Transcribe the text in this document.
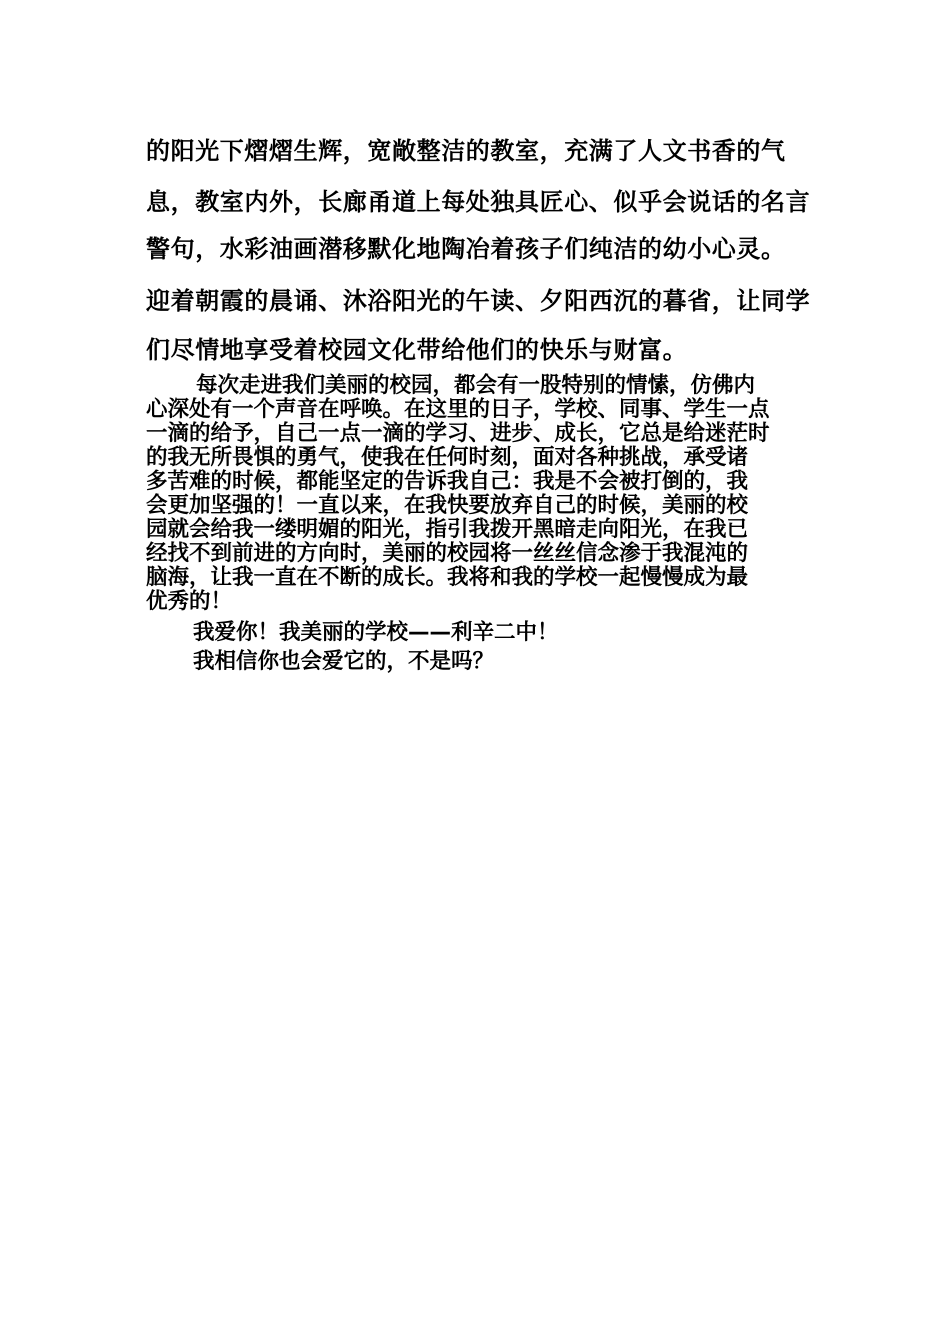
的阳光下熠熠生辉，宽敞整洁的教室，充满了人文书香的气

息，教室内外，长廊甬道上每处独具匠心、似乎会说话的名言

警句，水彩油画潜移默化地陶冶着孩子们纯洁的幼小心灵。

迎着朝霞的晨诵、沐浴阳光的午读、夕阳西沉的暮省，让同学

们尽情地享受着校园文化带给他们的快乐与财富。

每次走进我们美丽的校园，都会有一股特别的情愫，仿佛内

心深处有一个声音在呼唤。在这里的日子，学校、同事、学生一点

一滴的给予，自己一点一滴的学习、进步、成长，它总是给迷茫时

的我无所畏惧的勇气，使我在任何时刻，面对各种挑战，承受诸

多苦难的时候，都能坚定的告诉我自己：我是不会被打倒的，我

会更加坚强的！一直以来，在我快要放弃自己的时候，美丽的校

园就会给我一缕明媚的阳光，指引我拨开黑暗走向阳光，在我已

经找不到前进的方向时，美丽的校园将一丝丝信念渗于我混沌的

脑海，让我一直在不断的成长。我将和我的学校一起慢慢成为最

优秀的！

我爱你！我美丽的学校——利辛二中！

我相信你也会爱它的，不是吗？
